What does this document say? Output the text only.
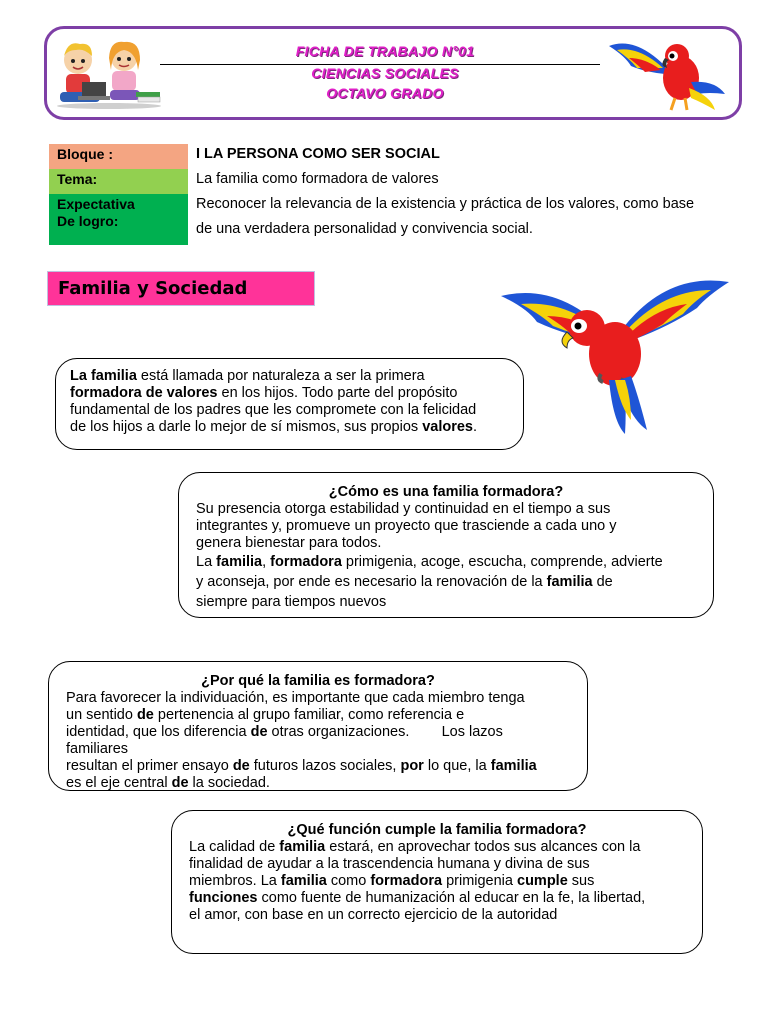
FICHA DE TRABAJO N°01
CIENCIAS SOCIALES
OCTAVO GRADO
Bloque :	I LA PERSONA COMO SER SOCIAL
Tema:	La familia como formadora de valores
Expectativa
De logro:
Reconocer la relevancia de la existencia y práctica de los valores, como base
de una verdadera personalidad y convivencia social.
Familia y Sociedad
La familia está llamada por naturaleza a ser la primera
formadora de valores en los hijos. Todo parte del propósito
fundamental de los padres que les compromete con la felicidad
de los hijos a darle lo mejor de sí mismos, sus propios valores.
¿Cómo es una familia formadora?
Su presencia otorga estabilidad y continuidad en el tiempo a sus
integrantes y, promueve un proyecto que trasciende a cada uno y
genera bienestar para todos.
La familia, formadora primigenia, acoge, escucha, comprende, advierte
y aconseja, por ende es necesario la renovación de la familia de
siempre para tiempos nuevos
¿Por qué la familia es formadora?
Para favorecer la individuación, es importante que cada miembro tenga
un sentido de pertenencia al grupo familiar, como referencia e
identidad, que los diferencia de otras organizaciones.        Los lazos
familiares
resultan el primer ensayo de futuros lazos sociales, por lo que, la familia
es el eje central de la sociedad.
¿Qué función cumple la familia formadora?
La calidad de familia estará, en aprovechar todos sus alcances con la
finalidad de ayudar a la trascendencia humana y divina de sus
miembros. La familia como formadora primigenia cumple sus
funciones como fuente de humanización al educar en la fe, la libertad,
el amor, con base en un correcto ejercicio de la autoridad
